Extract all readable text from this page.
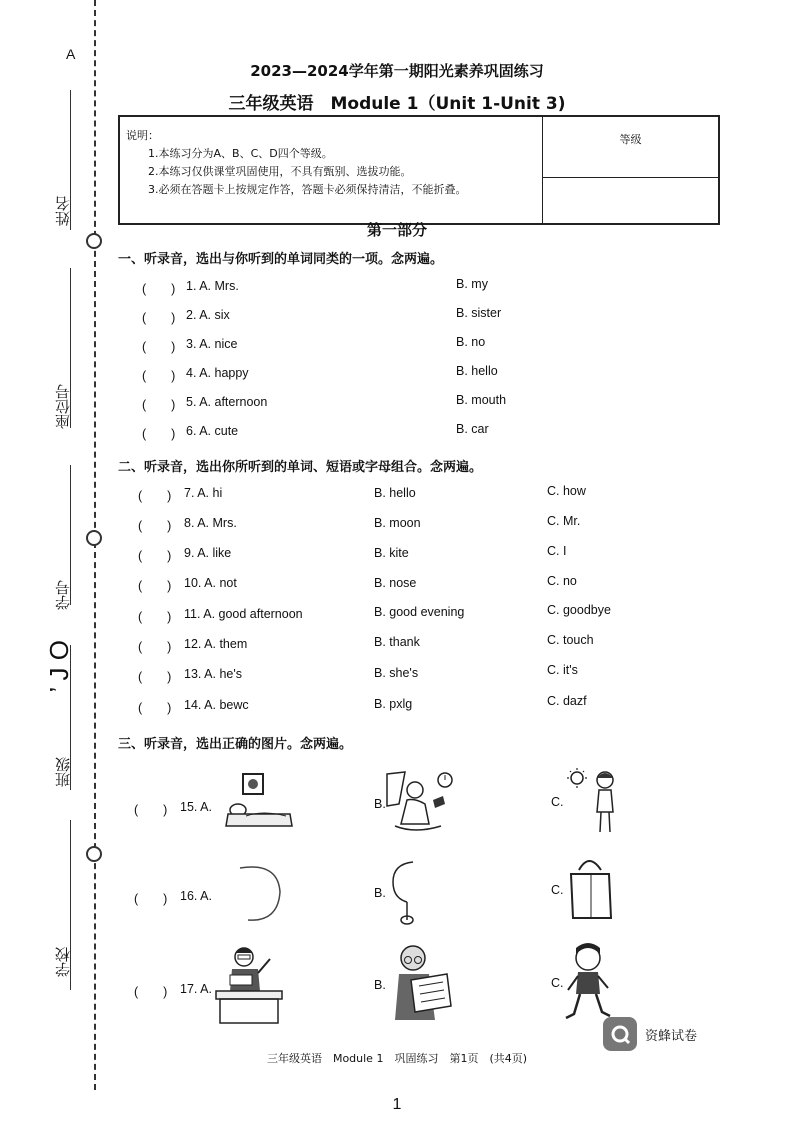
A
姓名
座位号
学号
’ J O
班级
学校
2023—2024学年第一期阳光素养巩固练习
三年级英语　Module 1（Unit 1-Unit 3)
说明：
1.本练习分为A、B、C、D四个等级。
2.本练习仅供课堂巩固使用，不具有甄别、选拔功能。
3.必须在答题卡上按规定作答，答题卡必须保持清洁，不能折叠。
	等级

第一部分
一、听录音，选出与你听到的单词同类的一项。念两遍。
(　　) 1. A. Mrs.	B. my
(　　) 2. A. six	B. sister
(　　) 3. A. nice	B. no
(　　) 4. A. happy	B. hello
(　　) 5. A. afternoon	B. mouth
(　　) 6. A. cute	B. car
二、听录音，选出你所听到的单词、短语或字母组合。念两遍。
(　　) 7. A. hi	B. hello	C. how
(　　) 8. A. Mrs.	B. moon	C. Mr.
(　　) 9. A. like	B. kite	C. I
(　　) 10. A. not	B. nose	C. no
(　　) 11. A. good afternoon	B. good evening	C. goodbye
(　　) 12. A. them	B. thank	C. touch
(　　) 13. A. he's	B. she's	C. it's
(　　) 14. A. bewc	B. pxlg	C. dazf
三、听录音，选出正确的图片。念两遍。
(　　) 15. A.	B.	C.
(　　) 16. A.	B.	C.
(　　) 17. A.	B.	C.
资蜂试卷
三年级英语　Module 1　巩固练习　第1页　(共4页)
1
